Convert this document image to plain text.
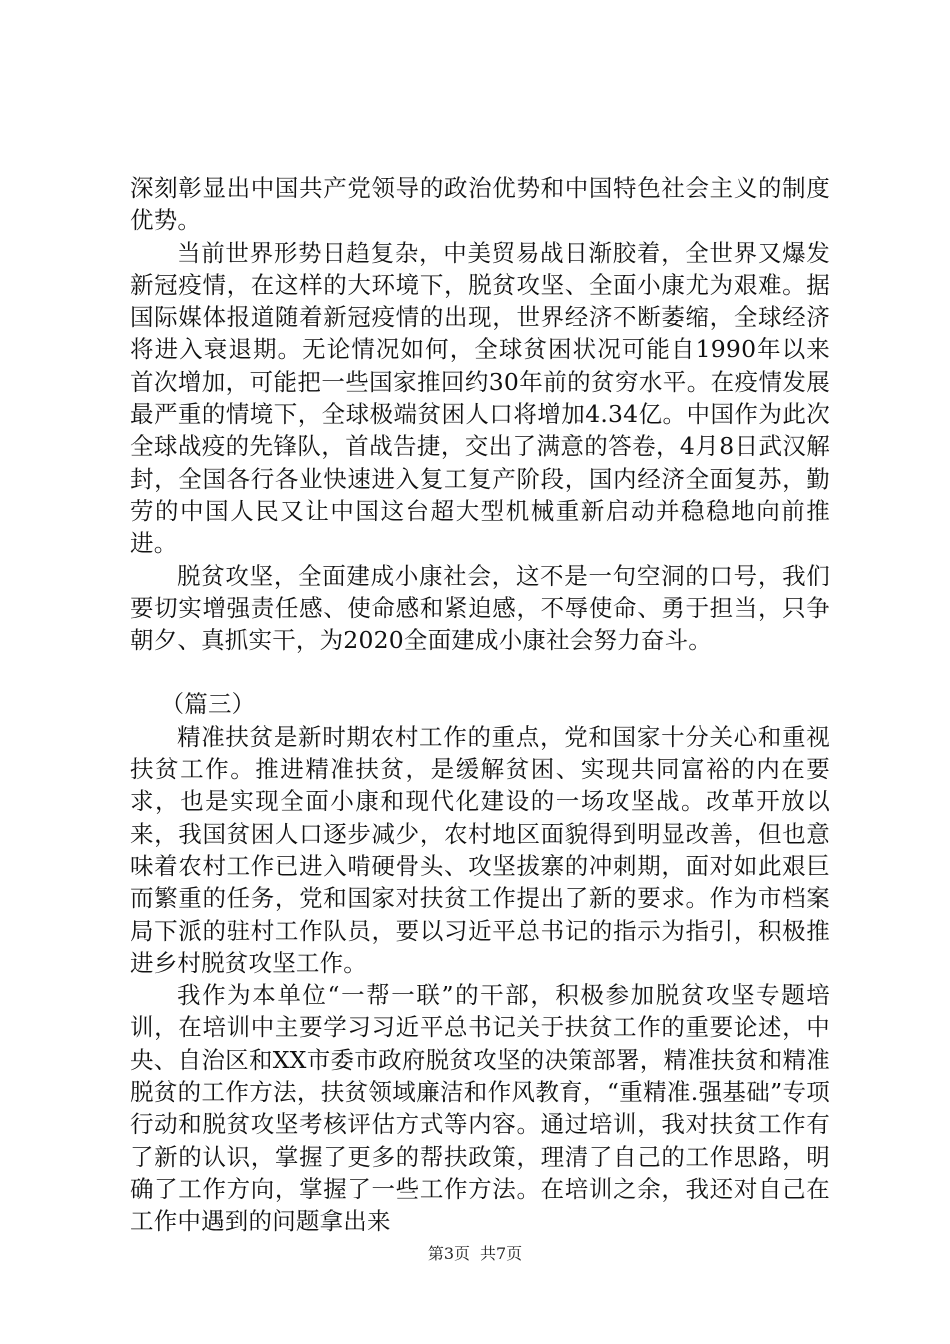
深刻彰显出中国共产党领导的政治优势和中国特色社会主义的制度优势。

当前世界形势日趋复杂，中美贸易战日渐胶着，全世界又爆发新冠疫情，在这样的大环境下，脱贫攻坚、全面小康尤为艰难。据国际媒体报道随着新冠疫情的出现，世界经济不断萎缩，全球经济将进入衰退期。无论情况如何，全球贫困状况可能自1990年以来首次增加，可能把一些国家推回约30年前的贫穷水平。在疫情发展最严重的情境下，全球极端贫困人口将增加4.34亿。中国作为此次全球战疫的先锋队，首战告捷，交出了满意的答卷，4月8日武汉解封，全国各行各业快速进入复工复产阶段，国内经济全面复苏，勤劳的中国人民又让中国这台超大型机械重新启动并稳稳地向前推进。

脱贫攻坚，全面建成小康社会，这不是一句空洞的口号，我们要切实增强责任感、使命感和紧迫感，不辱使命、勇于担当，只争朝夕、真抓实干，为2020全面建成小康社会努力奋斗。

（篇三）

精准扶贫是新时期农村工作的重点，党和国家十分关心和重视扶贫工作。推进精准扶贫，是缓解贫困、实现共同富裕的内在要求，也是实现全面小康和现代化建设的一场攻坚战。改革开放以来，我国贫困人口逐步减少，农村地区面貌得到明显改善，但也意味着农村工作已进入啃硬骨头、攻坚拔寨的冲刺期，面对如此艰巨而繁重的任务，党和国家对扶贫工作提出了新的要求。作为市档案局下派的驻村工作队员，要以习近平总书记的指示为指引，积极推进乡村脱贫攻坚工作。

我作为本单位“一帮一联”的干部，积极参加脱贫攻坚专题培训，在培训中主要学习习近平总书记关于扶贫工作的重要论述，中央、自治区和XX市委市政府脱贫攻坚的决策部署，精准扶贫和精准脱贫的工作方法，扶贫领域廉洁和作风教育，“重精准.强基础”专项行动和脱贫攻坚考核评估方式等内容。通过培训，我对扶贫工作有了新的认识，掌握了更多的帮扶政策，理清了自己的工作思路，明确了工作方向，掌握了一些工作方法。在培训之余，我还对自己在工作中遇到的问题拿出来

第3页 共7页
